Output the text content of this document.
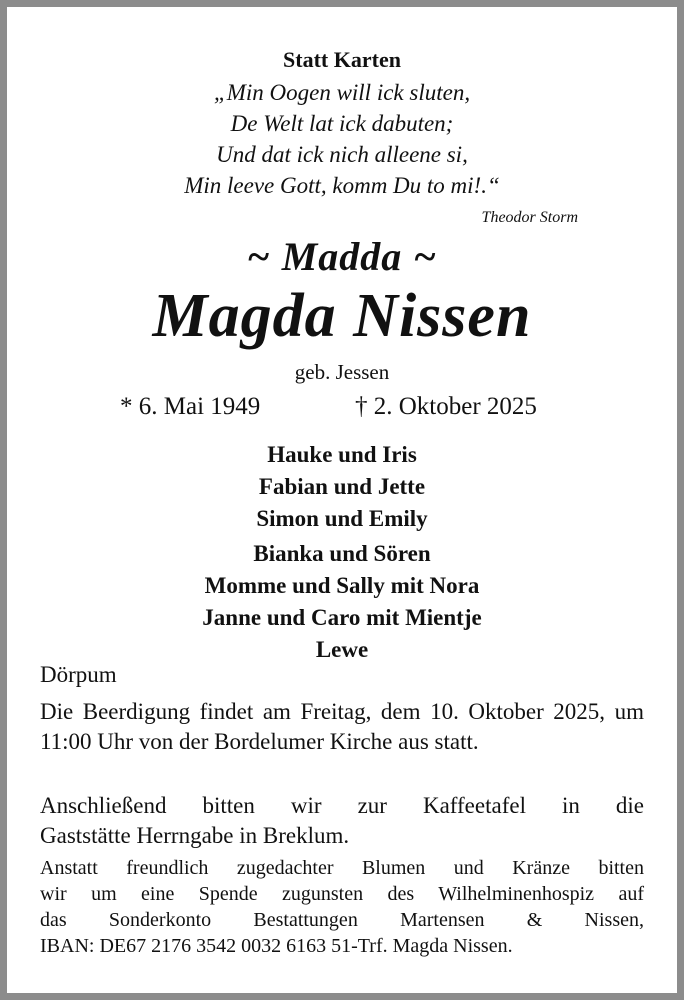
Statt Karten
„Min Oogen will ick sluten,
De Welt lat ick dabuten;
Und dat ick nich alleene si,
Min leeve Gott, komm Du to mi!.“
Theodor Storm
~ Madda ~
Magda Nissen
geb. Jessen
* 6. Mai 1949	† 2. Oktober 2025
Hauke und Iris
Fabian und Jette
Simon und Emily
Bianka und Sören
Momme und Sally mit Nora
Janne und Caro mit Mientje
Lewe
Dörpum
Die Beerdigung findet am Freitag, dem 10. Oktober 2025, um 11:00 Uhr von der Bordelumer Kirche aus statt.
Anschließend bitten wir zur Kaffeetafel in die
Gaststätte Herrngabe in Breklum.
Anstatt freundlich zugedachter Blumen und Kränze bitten
wir um eine Spende zugunsten des Wilhelminenhospiz auf
das Sonderkonto Bestattungen Martensen & Nissen,
IBAN: DE67 2176 3542 0032 6163 51-Trf. Magda Nissen.
